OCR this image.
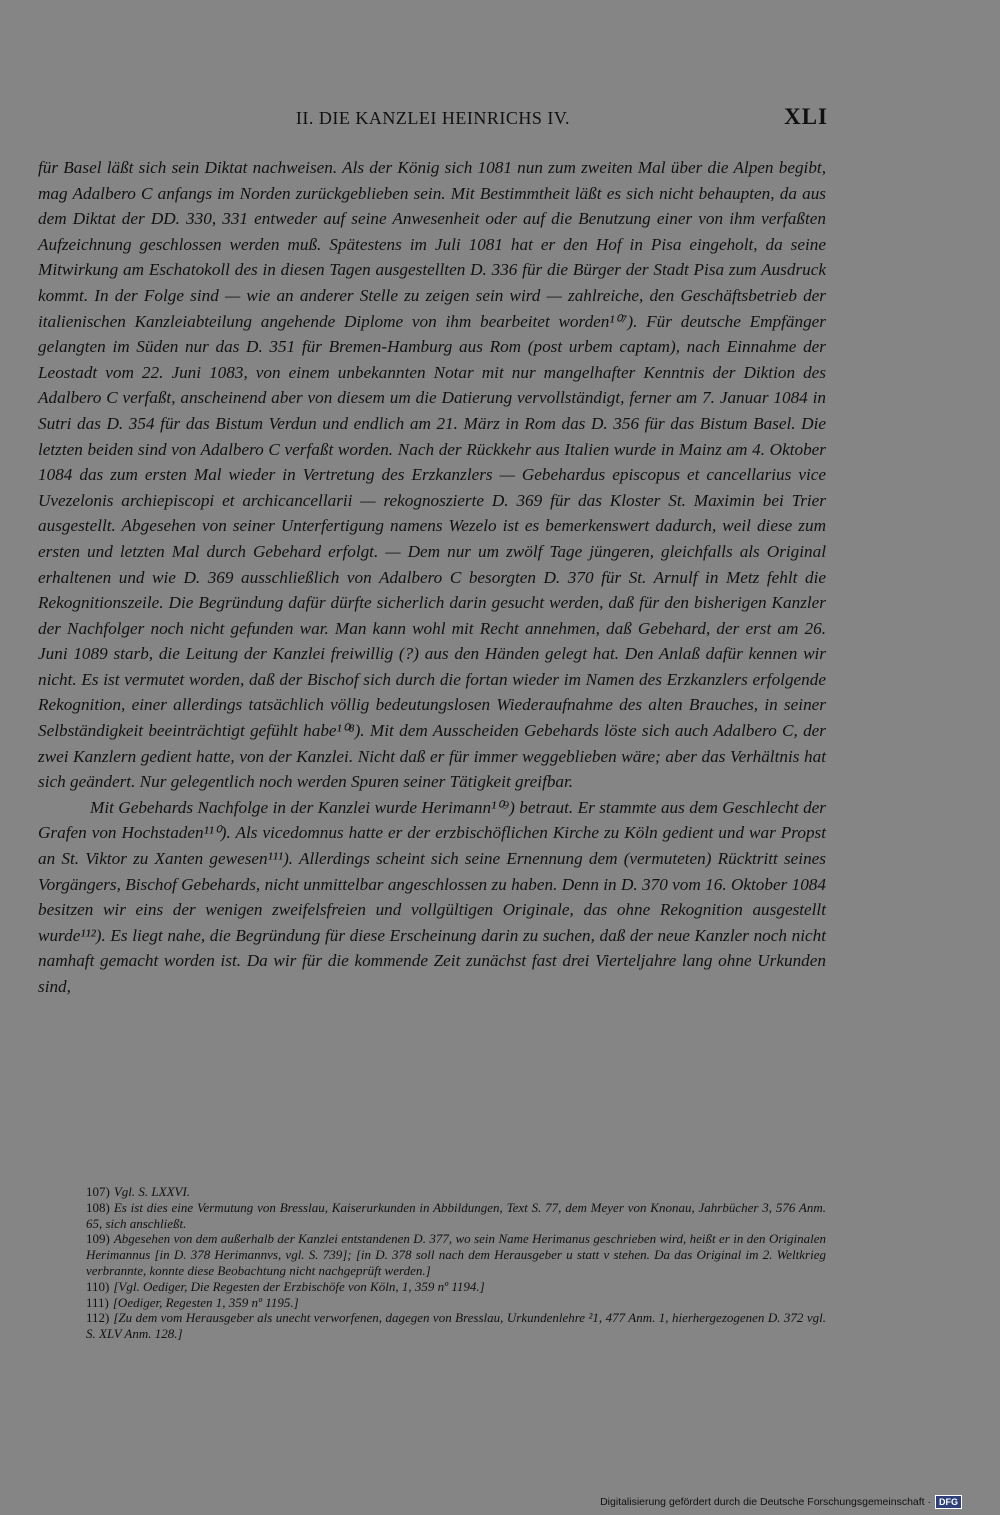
II. DIE KANZLEI HEINRICHS IV.	XLI

für Basel läßt sich sein Diktat nachweisen. Als der König sich 1081 nun zum zweiten Mal über die Alpen begibt, mag Adalbero C anfangs im Norden zurückgeblieben sein. Mit Bestimmtheit läßt es sich nicht behaupten, da aus dem Diktat der DD. 330, 331 entweder auf seine Anwesenheit oder auf die Benutzung einer von ihm verfaßten Aufzeichnung geschlossen werden muß. Spätestens im Juli 1081 hat er den Hof in Pisa eingeholt, da seine Mitwirkung am Eschatokoll des in diesen Tagen ausgestellten D. 336 für die Bürger der Stadt Pisa zum Ausdruck kommt. In der Folge sind — wie an anderer Stelle zu zeigen sein wird — zahlreiche, den Geschäftsbetrieb der italienischen Kanzleiabteilung angehende Diplome von ihm bearbeitet worden¹⁰⁷). Für deutsche Empfänger gelangten im Süden nur das D. 351 für Bremen-Hamburg aus Rom (post urbem captam), nach Einnahme der Leostadt vom 22. Juni 1083, von einem unbekannten Notar mit nur mangelhafter Kenntnis der Diktion des Adalbero C verfaßt, anscheinend aber von diesem um die Datierung vervollständigt, ferner am 7. Januar 1084 in Sutri das D. 354 für das Bistum Verdun und endlich am 21. März in Rom das D. 356 für das Bistum Basel. Die letzten beiden sind von Adalbero C verfaßt worden. Nach der Rückkehr aus Italien wurde in Mainz am 4. Oktober 1084 das zum ersten Mal wieder in Vertretung des Erzkanzlers — Gebehardus episcopus et cancellarius vice Uvezelonis archiepiscopi et archicancellarii — rekognoszierte D. 369 für das Kloster St. Maximin bei Trier ausgestellt. Abgesehen von seiner Unterfertigung namens Wezelo ist es bemerkenswert dadurch, weil diese zum ersten und letzten Mal durch Gebehard erfolgt. — Dem nur um zwölf Tage jüngeren, gleichfalls als Original erhaltenen und wie D. 369 ausschließlich von Adalbero C besorgten D. 370 für St. Arnulf in Metz fehlt die Rekognitionszeile. Die Begründung dafür dürfte sicherlich darin gesucht werden, daß für den bisherigen Kanzler der Nachfolger noch nicht gefunden war. Man kann wohl mit Recht annehmen, daß Gebehard, der erst am 26. Juni 1089 starb, die Leitung der Kanzlei freiwillig (?) aus den Händen gelegt hat. Den Anlaß dafür kennen wir nicht. Es ist vermutet worden, daß der Bischof sich durch die fortan wieder im Namen des Erzkanzlers erfolgende Rekognition, einer allerdings tatsächlich völlig bedeutungslosen Wiederaufnahme des alten Brauches, in seiner Selbständigkeit beeinträchtigt gefühlt habe¹⁰⁸). Mit dem Ausscheiden Gebehards löste sich auch Adalbero C, der zwei Kanzlern gedient hatte, von der Kanzlei. Nicht daß er für immer weggeblieben wäre; aber das Verhältnis hat sich geändert. Nur gelegentlich noch werden Spuren seiner Tätigkeit greifbar.

Mit Gebehards Nachfolge in der Kanzlei wurde Herimann¹⁰⁹) betraut. Er stammte aus dem Geschlecht der Grafen von Hochstaden¹¹⁰). Als vicedomnus hatte er der erzbischöflichen Kirche zu Köln gedient und war Propst an St. Viktor zu Xanten gewesen¹¹¹). Allerdings scheint sich seine Ernennung dem (vermuteten) Rücktritt seines Vorgängers, Bischof Gebehards, nicht unmittelbar angeschlossen zu haben. Denn in D. 370 vom 16. Oktober 1084 besitzen wir eins der wenigen zweifelsfreien und vollgültigen Originale, das ohne Rekognition ausgestellt wurde¹¹²). Es liegt nahe, die Begründung für diese Erscheinung darin zu suchen, daß der neue Kanzler noch nicht namhaft gemacht worden ist. Da wir für die kommende Zeit zunächst fast drei Vierteljahre lang ohne Urkunden sind,

107) Vgl. S. LXXVI.

108) Es ist dies eine Vermutung von Bresslau, Kaiserurkunden in Abbildungen, Text S. 77, dem Meyer von Knonau, Jahrbücher 3, 576 Anm. 65, sich anschließt.

109) Abgesehen von dem außerhalb der Kanzlei entstandenen D. 377, wo sein Name Herimanus geschrieben wird, heißt er in den Originalen Herimannus [in D. 378 Herimannvs, vgl. S. 739]; [in D. 378 soll nach dem Herausgeber u statt v stehen. Da das Original im 2. Weltkrieg verbrannte, konnte diese Beobachtung nicht nachgeprüft werden.]

110) [Vgl. Oediger, Die Regesten der Erzbischöfe von Köln, 1, 359 nº 1194.]

111) [Oediger, Regesten 1, 359 nº 1195.]

112) [Zu dem vom Herausgeber als unecht verworfenen, dagegen von Bresslau, Urkundenlehre ²1, 477 Anm. 1, hierhergezogenen D. 372 vgl. S. XLV Anm. 128.]

Digitalisierung gefördert durch die Deutsche Forschungsgemeinschaft · DFG
